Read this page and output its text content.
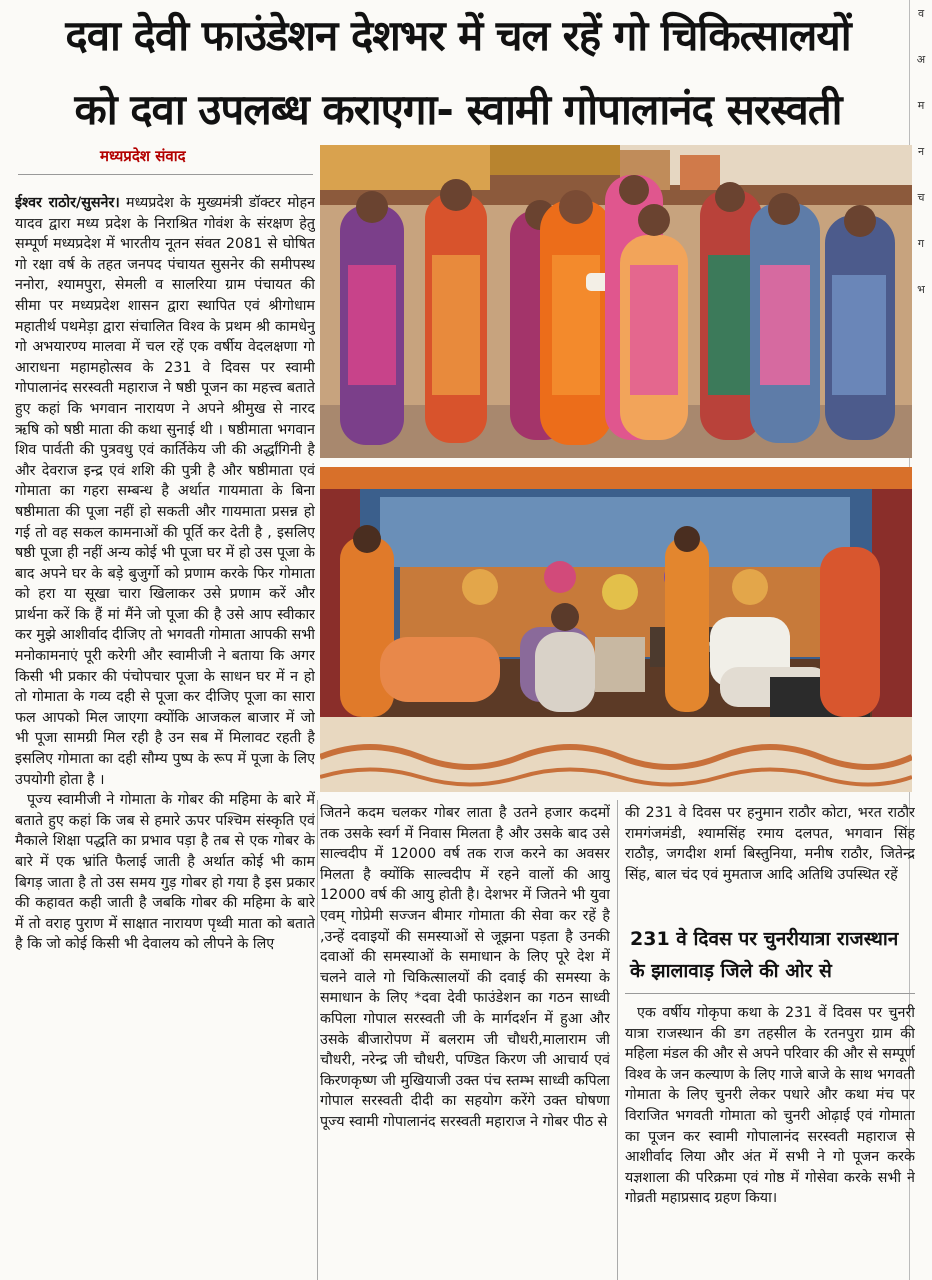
दवा देवी फाउंडेशन देशभर में चल रहें गो चिकित्सालयों
को दवा उपलब्ध कराएगा- स्वामी गोपालानंद सरस्वती
व
अ
म
न
च
ग
भ
मध्यप्रदेश संवाद

ईश्वर राठोर/सुसनेर। मध्यप्रदेश के मुख्यमंत्री डॉक्टर मोहन यादव द्वारा मध्य प्रदेश के निराश्रित गोवंश के संरक्षण हेतु सम्पूर्ण मध्यप्रदेश में भारतीय नूतन संवत 2081 से घोषित गो रक्षा वर्ष के तहत जनपद पंचायत सुसनेर की समीपस्थ ननोरा, श्यामपुरा, सेमली व सालरिया ग्राम पंचायत की सीमा पर मध्यप्रदेश शासन द्वारा स्थापित एवं श्रीगोधाम महातीर्थ पथमेड़ा द्वारा संचालित विश्व के प्रथम श्री कामधेनु गो अभयारण्य मालवा में चल रहें एक वर्षीय वेदलक्षणा गो आराधना महामहोत्सव के 231 वे दिवस पर स्वामी गोपालानंद सरस्वती महाराज ने षष्ठी पूजन का महत्त्व बताते हुए कहां कि भगवान नारायण ने अपने श्रीमुख से नारद ऋषि को षष्ठी माता की कथा सुनाई थी । षष्ठीमाता भगवान शिव पार्वती की पुत्रवधु एवं कार्तिकेय जी की अर्द्धांगिनी है और देवराज इन्द्र एवं शशि की पुत्री है और षष्ठीमाता एवं गोमाता का गहरा सम्बन्ध है अर्थात गायमाता के बिना षष्ठीमाता की पूजा नहीं हो सकती और गायमाता प्रसन्न हो गई तो वह सकल कामनाओं की पूर्ति कर देती है , इसलिए षष्ठी पूजा ही नहीं अन्य कोई भी पूजा घर में हो उस पूजा के बाद अपने घर के बड़े बुजुर्गो को प्रणाम करके फिर गोमाता को हरा या सूखा चारा खिलाकर उसे प्रणाम करें और प्रार्थना करें कि हैं मां मैंने जो पूजा की है उसे आप स्वीकार कर मुझे आशीर्वाद दीजिए तो भगवती गोमाता आपकी सभी मनोकामनाएं पूरी करेगी और स्वामीजी ने बताया कि अगर किसी भी प्रकार की पंचोपचार पूजा के साधन घर में न हो तो गोमाता के गव्य दही से पूजा कर दीजिए पूजा का सारा फल आपको मिल जाएगा क्योंकि आजकल बाजार में जो भी पूजा सामग्री मिल रही है उन सब में मिलावट रहती है इसलिए गोमाता का दही सौम्य पुष्प के रूप में पूजा के लिए उपयोगी होता है ।

पूज्य स्वामीजी ने गोमाता के गोबर की महिमा के बारे में बताते हुए कहां कि जब से हमारे ऊपर पश्चिम संस्कृति एवं मैकाले शिक्षा पद्धति का प्रभाव पड़ा है तब से एक गोबर के बारे में एक भ्रांति फैलाई जाती है अर्थात कोई भी काम बिगड़ जाता है तो उस समय गुड़ गोबर हो गया है इस प्रकार की कहावत कही जाती है जबकि गोबर की महिमा के बारे में तो वराह पुराण में साक्षात नारायण पृथ्वी माता को बताते है कि जो कोई किसी भी देवालय को लीपने के लिए

जितने कदम चलकर गोबर लाता है उतने हजार कदमों तक उसके स्वर्ग में निवास मिलता है और उसके बाद उसे साल्वदीप में 12000 वर्ष तक राज करने का अवसर मिलता है क्योंकि साल्वदीप में रहने वालों की आयु 12000 वर्ष की आयु होती है। देशभर में जितने भी युवा एवम् गोप्रेमी सज्जन बीमार गोमाता की सेवा कर रहें है ,उन्हें दवाइयों की समस्याओं से जूझना पड़ता है उनकी दवाओं की समस्याओं के समाधान के लिए पूरे देश में चलने वाले गो चिकित्सालयों की दवाई की समस्या के समाधान के लिए *दवा देवी फाउंडेशन का गठन साध्वी कपिला गोपाल सरस्वती जी के मार्गदर्शन में हुआ और उसके बीजारोपण में बलराम जी चौधरी,मालाराम जी चौधरी, नरेन्द्र जी चौधरी, पण्डित किरण जी आचार्य एवं किरणकृष्ण जी मुखियाजी उक्त पंच स्तम्भ साध्वी कपिला गोपाल सरस्वती दीदी का सहयोग करेंगे उक्त घोषणा पूज्य स्वामी गोपालानंद सरस्वती महाराज ने गोबर पीठ से

की 231 वे दिवस पर हनुमान राठौर कोटा, भरत राठौर रामगंजमंडी, श्यामसिंह रमाय दलपत, भगवान सिंह राठौड़, जगदीश शर्मा बिस्तुनिया, मनीष राठौर, जितेन्द्र सिंह, बाल चंद एवं मुमताज आदि अतिथि उपस्थित रहें

231 वे दिवस पर चुनरीयात्रा राजस्थान के झालावाड़ जिले की ओर से

एक वर्षीय गोकृपा कथा के 231 वें दिवस पर चुनरी यात्रा राजस्थान की डग तहसील के रतनपुरा ग्राम की महिला मंडल की और से अपने परिवार की और से सम्पूर्ण विश्व के जन कल्याण के लिए गाजे बाजे के साथ भगवती गोमाता के लिए चुनरी लेकर पधारे और कथा मंच पर विराजित भगवती गोमाता को चुनरी ओढ़ाई एवं गोमाता का पूजन कर स्वामी गोपालानंद सरस्वती महाराज से आशीर्वाद लिया और अंत में सभी ने गो पूजन करके यज्ञशाला की परिक्रमा एवं गोष्ठ में गोसेवा करके सभी ने गोव्रती महाप्रसाद ग्रहण किया।
